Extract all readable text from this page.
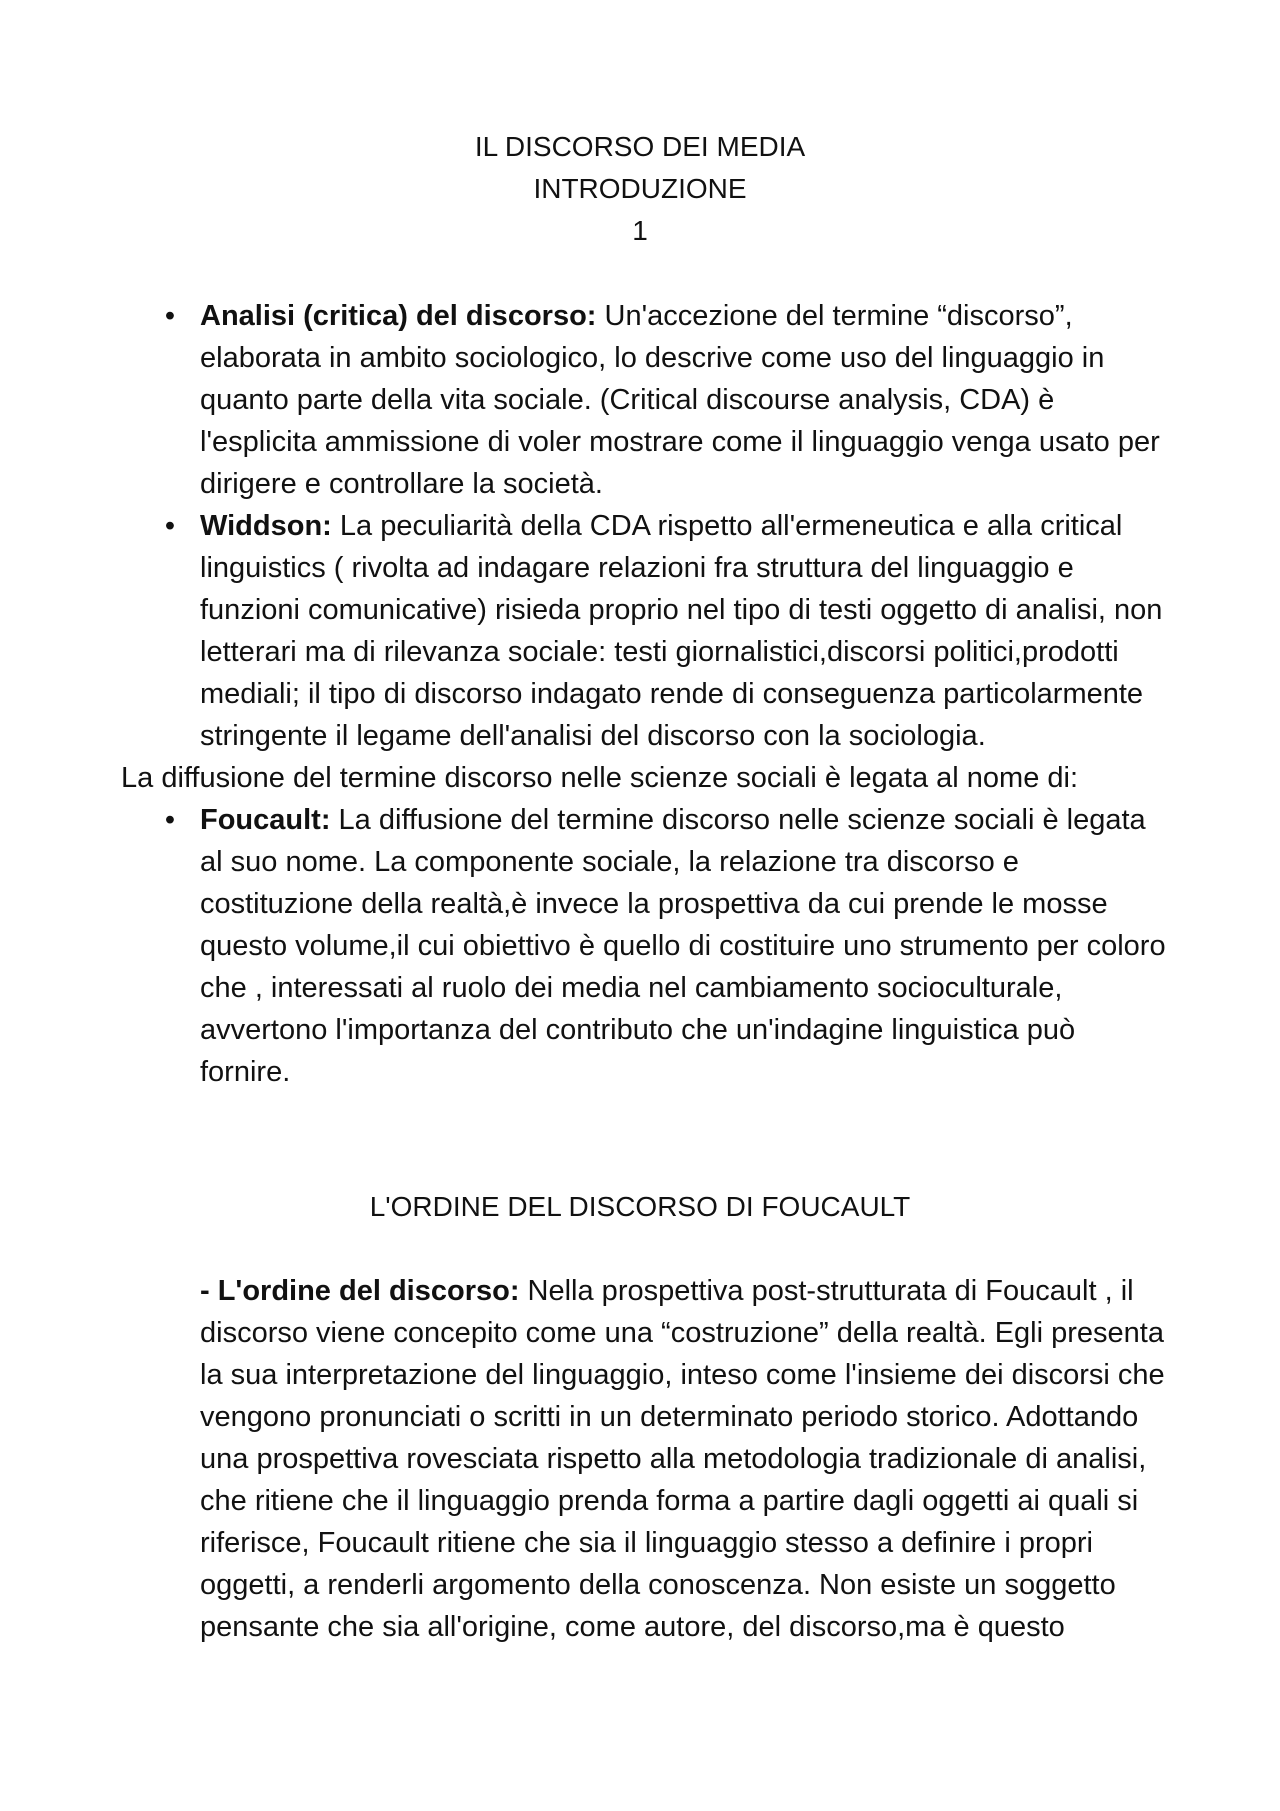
IL DISCORSO DEI MEDIA
INTRODUZIONE
1
• Analisi (critica) del discorso: Un'accezione del termine “discorso”, elaborata in ambito sociologico, lo descrive come uso del linguaggio in quanto parte della vita sociale. (Critical discourse analysis, CDA) è l'esplicita ammissione di voler mostrare come il linguaggio venga usato per dirigere e controllare la società.
• Widdson: La peculiarità della CDA rispetto all'ermeneutica e alla critical linguistics ( rivolta ad indagare relazioni fra struttura del linguaggio e funzioni comunicative) risieda proprio nel tipo di testi oggetto di analisi, non letterari ma di rilevanza sociale: testi giornalistici,discorsi politici,prodotti mediali; il tipo di discorso indagato rende di conseguenza particolarmente stringente il legame dell'analisi del discorso con la sociologia.
La diffusione del termine discorso nelle scienze sociali è legata al nome di:
• Foucault: La diffusione del termine discorso nelle scienze sociali è legata al suo nome. La componente sociale, la relazione tra discorso e costituzione della realtà,è invece la prospettiva da cui prende le mosse questo volume,il cui obiettivo è quello di costituire uno strumento per coloro che , interessati al ruolo dei media nel cambiamento socioculturale, avvertono l'importanza del contributo che un'indagine linguistica può fornire.
L'ORDINE DEL DISCORSO DI FOUCAULT
- L'ordine del discorso: Nella prospettiva post-strutturata di Foucault , il discorso viene concepito come una “costruzione” della realtà. Egli presenta la sua interpretazione del linguaggio, inteso come l'insieme dei discorsi che vengono pronunciati o scritti in un determinato periodo storico. Adottando una prospettiva rovesciata rispetto alla metodologia tradizionale di analisi, che ritiene che il linguaggio prenda forma a partire dagli oggetti ai quali si riferisce, Foucault ritiene che sia il linguaggio stesso a definire i propri oggetti, a renderli argomento della conoscenza. Non esiste un soggetto pensante che sia all'origine, come autore, del discorso,ma è questo
